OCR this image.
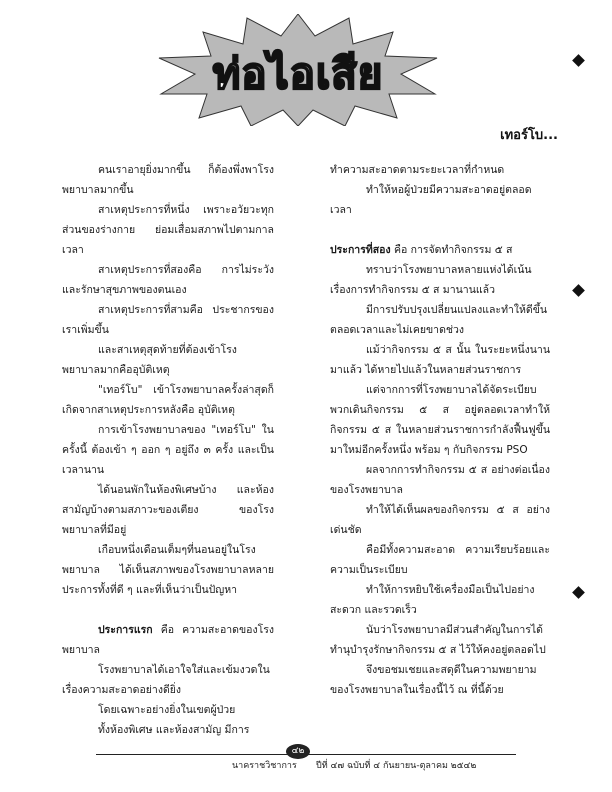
ท่อไอเสีย
เทอร์โบ...

คนเราอายุยิ่งมากขึ้น ก็ต้องพึ่งพาโรงพยาบาลมากขึ้น

สาเหตุประการที่หนึ่ง เพราะอวัยวะทุกส่วนของร่างกาย ย่อมเสื่อมสภาพไปตามกาลเวลา

สาเหตุประการที่สองคือ การไม่ระวังและรักษาสุขภาพของตนเอง

สาเหตุประการที่สามคือ ประชากรของเราเพิ่มขึ้น

และสาเหตุสุดท้ายที่ต้องเข้าโรงพยาบาลมากคืออุบัติเหตุ

"เทอร์โบ" เข้าโรงพยาบาลครั้งล่าสุดก็เกิดจากสาเหตุประการหลังคือ อุบัติเหตุ

การเข้าโรงพยาบาลของ "เทอร์โบ" ในครั้งนี้ ต้องเข้า ๆ ออก ๆ อยู่ถึง ๓ ครั้ง และเป็นเวลานาน

ได้นอนพักในห้องพิเศษบ้าง และห้องสามัญบ้างตามสภาวะของเตียง ของโรงพยาบาลที่มีอยู่

เกือบหนึ่งเดือนเต็มๆที่นอนอยู่ในโรงพยาบาล ได้เห็นสภาพของโรงพยาบาลหลายประการทั้งที่ดี ๆ และที่เห็นว่าเป็นปัญหา

ประการแรก คือ ความสะอาดของโรงพยาบาล

โรงพยาบาลได้เอาใจใส่และเข้มงวดในเรื่องความสะอาดอย่างดียิ่ง

โดยเฉพาะอย่างยิ่งในเขตผู้ป่วย

ทั้งห้องพิเศษ และห้องสามัญ มีการ

ทำความสะอาดตามระยะเวลาที่กำหนด

ทำให้หอผู้ป่วยมีความสะอาดอยู่ตลอดเวลา

ประการที่สอง คือ การจัดทำกิจกรรม ๕ ส

ทราบว่าโรงพยาบาลหลายแห่งได้เน้นเรื่องการทำกิจกรรม ๕ ส มานานแล้ว

มีการปรับปรุงเปลี่ยนแปลงและทำให้ดีขึ้นตลอดเวลาและไม่เคยขาดช่วง

แม้ว่ากิจกรรม ๕ ส นั้น ในระยะหนึ่งนานมาแล้ว ได้หายไปแล้วในหลายส่วนราชการ

แต่จากการที่โรงพยาบาลได้จัดระเบียบพวกเดินกิจกรรม ๕ ส อยู่ตลอดเวลาทำให้กิจกรรม ๕ ส ในหลายส่วนราชการกำลังฟื้นฟูขึ้นมาใหม่อีกครั้งหนึ่ง พร้อม ๆ กับกิจกรรม PSO

ผลจากการทำกิจกรรม ๕ ส อย่างต่อเนื่องของโรงพยาบาล

ทำให้ได้เห็นผลของกิจกรรม ๕ ส อย่างเด่นชัด

คือมีทั้งความสะอาด ความเรียบร้อยและความเป็นระเบียบ

ทำให้การหยิบใช้เครื่องมือเป็นไปอย่างสะดวก และรวดเร็ว

นับว่าโรงพยาบาลมีส่วนสำคัญในการได้ทำนุบำรุงรักษากิจกรรม ๕ ส ไว้ให้คงอยู่ตลอดไป

จึงขอชมเชยและสดุดีในความพยายามของโรงพยาบาลในเรื่องนี้ไว้ ณ ที่นี้ด้วย

๔๒
นาคราชวิชาการ ปีที่ ๔๗ ฉบับที่ ๔ กันยายน-ตุลาคม ๒๕๔๒
